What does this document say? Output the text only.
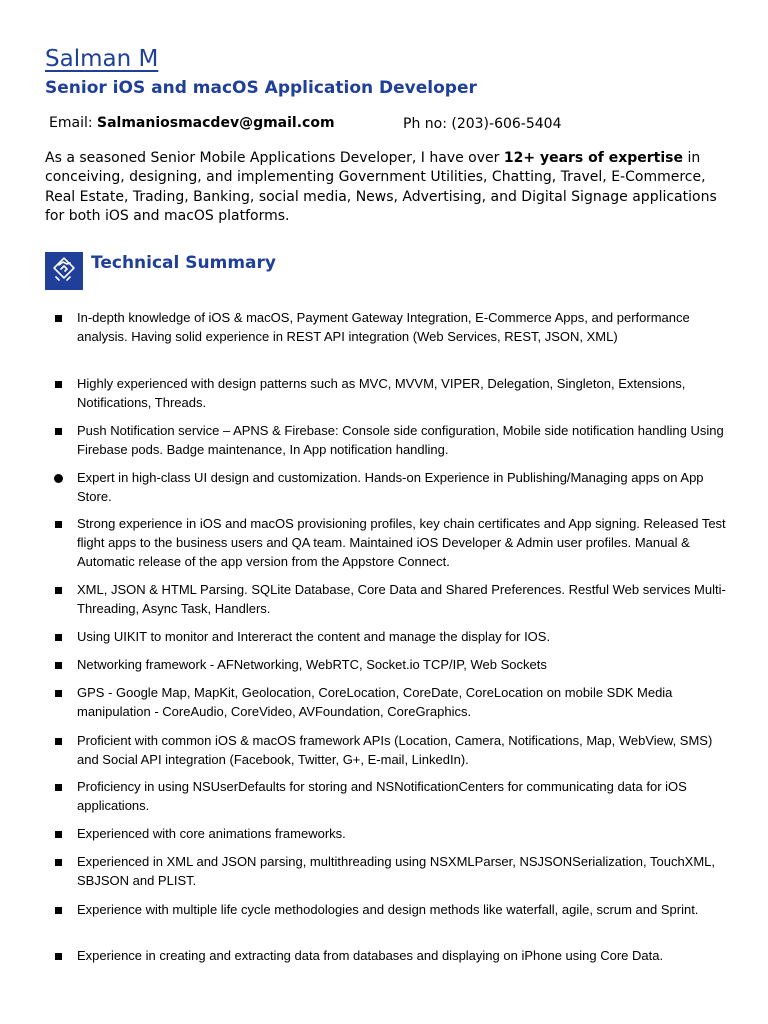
Salman M
Senior iOS and macOS Application Developer
Email: Salmaniosmacdev@gmail.com	Ph no: (203)-606-5404

As a seasoned Senior Mobile Applications Developer, I have over 12+ years of expertise in conceiving, designing, and implementing Government Utilities, Chatting, Travel, E-Commerce, Real Estate, Trading, Banking, social media, News, Advertising, and Digital Signage applications for both iOS and macOS platforms.

Technical Summary
In-depth knowledge of iOS & macOS, Payment Gateway Integration, E-Commerce Apps, and performance analysis. Having solid experience in REST API integration (Web Services, REST, JSON, XML)
Highly experienced with design patterns such as MVC, MVVM, VIPER, Delegation, Singleton, Extensions, Notifications, Threads.
Push Notification service – APNS & Firebase: Console side configuration, Mobile side notification handling Using Firebase pods. Badge maintenance, In App notification handling.
Expert in high-class UI design and customization. Hands-on Experience in Publishing/Managing apps on App Store.
Strong experience in iOS and macOS provisioning profiles, key chain certificates and App signing. Released Test flight apps to the business users and QA team. Maintained iOS Developer & Admin user profiles. Manual & Automatic release of the app version from the Appstore Connect.
XML, JSON & HTML Parsing. SQLite Database, Core Data and Shared Preferences. Restful Web services Multi-Threading, Async Task, Handlers.
Using UIKIT to monitor and Intereract the content and manage the display for IOS.
Networking framework - AFNetworking, WebRTC, Socket.io TCP/IP, Web Sockets
GPS - Google Map, MapKit, Geolocation, CoreLocation, CoreDate, CoreLocation on mobile SDK Media manipulation - CoreAudio, CoreVideo, AVFoundation, CoreGraphics.
Proficient with common iOS & macOS framework APIs (Location, Camera, Notifications, Map, WebView, SMS) and Social API integration (Facebook, Twitter, G+, E-mail, LinkedIn).
Proficiency in using NSUserDefaults for storing and NSNotificationCenters for communicating data for iOS applications.
Experienced with core animations frameworks.
Experienced in XML and JSON parsing, multithreading using NSXMLParser, NSJSONSerialization, TouchXML, SBJSON and PLIST.
Experience with multiple life cycle methodologies and design methods like waterfall, agile, scrum and Sprint.
Experience in creating and extracting data from databases and displaying on iPhone using Core Data.
